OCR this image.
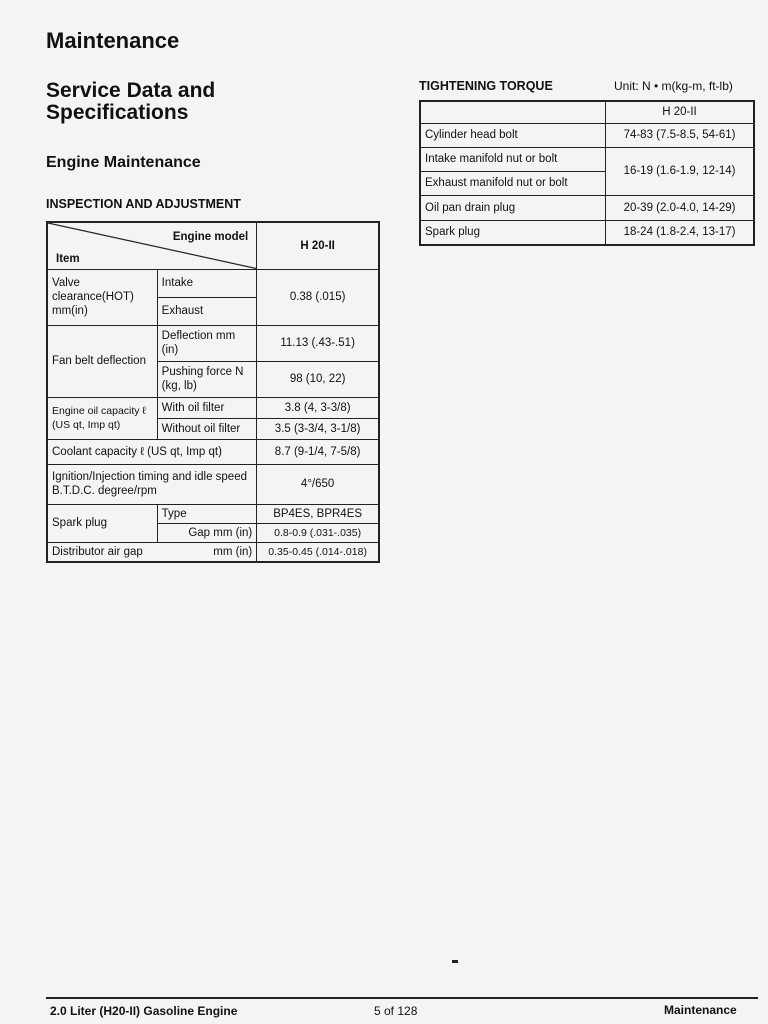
Maintenance
Service Data and Specifications
Engine Maintenance
INSPECTION AND ADJUSTMENT
Engine model
Item		H 20-II
Valve clearance(HOT) mm(in)	Intake	0.38 (.015)
	Exhaust	
Fan belt deflection	Deflection mm (in)	11.13 (.43-.51)
	Pushing force N (kg, lb)	98 (10, 22)
Engine oil capacity ℓ (US qt, Imp qt)	With oil filter	3.8 (4, 3-3/8)
	Without oil filter	3.5 (3-3/4, 3-1/8)
Coolant capacity ℓ (US qt, Imp qt)		8.7 (9-1/4, 7-5/8)
Ignition/Injection timing and idle speed B.T.D.C. degree/rpm		4°/650
Spark plug	Type	BP4ES, BPR4ES
	Gap mm (in)	0.8-0.9 (.031-.035)
Distributor air gap mm (in)		0.35-0.45 (.014-.018)
TIGHTENING TORQUE	Unit: N • m(kg-m, ft-lb)
	H 20-II
Cylinder head bolt	74-83 (7.5-8.5, 54-61)
Intake manifold nut or bolt	16-19 (1.6-1.9, 12-14)
Exhaust manifold nut or bolt	
Oil pan drain plug	20-39 (2.0-4.0, 14-29)
Spark plug	18-24 (1.8-2.4, 13-17)
2.0 Liter (H20-II) Gasoline Engine	5 of 128	Maintenance
